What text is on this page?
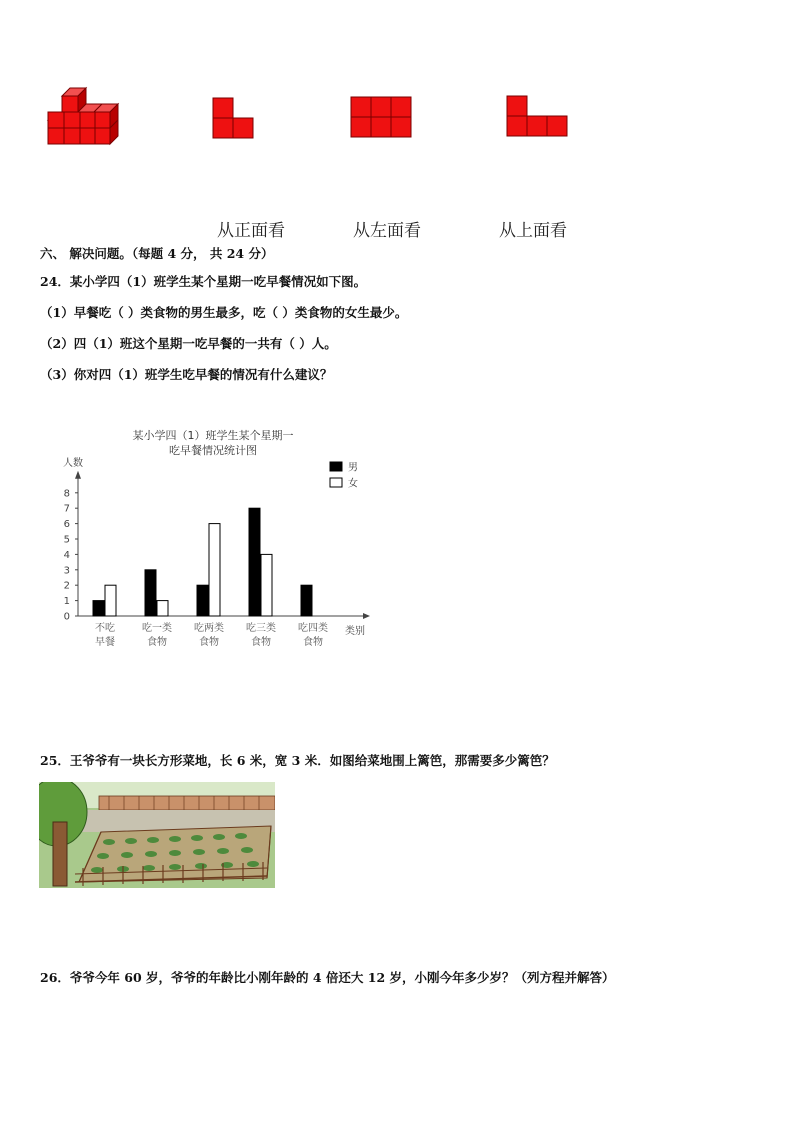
从正面看	从左面看	从上面看
六、 解决问题。（每题 4 分， 共 24 分）
24．某小学四（1）班学生某个星期一吃早餐情况如下图。
（1）早餐吃（ ）类食物的男生最多，吃（ ）类食物的女生最少。
（2）四（1）班这个星期一吃早餐的一共有（ ）人。
（3）你对四（1）班学生吃早餐的情况有什么建议？
某小学四（1）班学生某个星期一
吃早餐情况统计图
人数
类别
0
1
2
3
4
5
6
7
8
不吃
早餐
吃一类
食物
吃两类
食物
吃三类
食物
吃四类
食物
男
女
25．王爷爷有一块长方形菜地，长 6 米，宽 3 米．如图给菜地围上篱笆，那需要多少篱笆？
26．爷爷今年 60 岁，爷爷的年龄比小刚年龄的 4 倍还大 12 岁，小刚今年多少岁？（列方程并解答）
